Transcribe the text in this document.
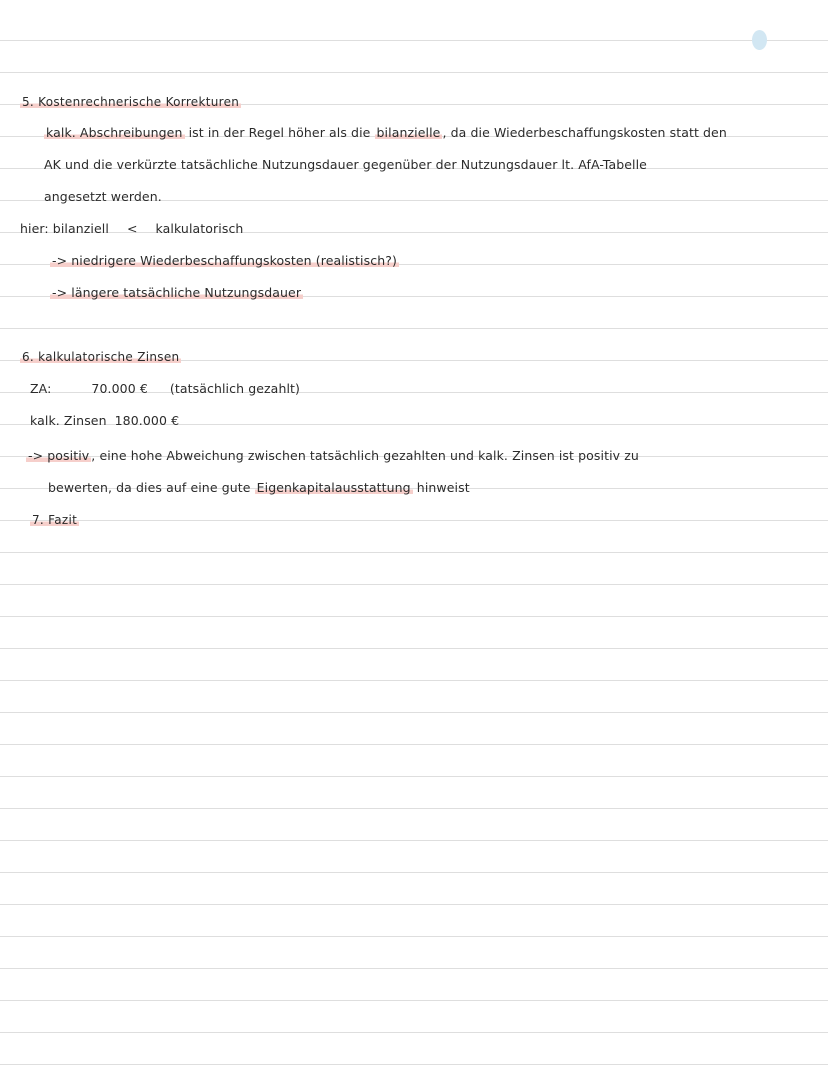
5. Kostenrechnerische Korrekturen
kalk. Abschreibungen ist in der Regel höher als die bilanzielle , da die Wiederbeschaffungskosten statt den
AK und die verkürzte tatsächliche Nutzungsdauer gegenüber der Nutzungsdauer lt. AfA-Tabelle
angesetzt werden.
hier: bilanziell < kalkulatorisch
-> niedrigere Wiederbeschaffungskosten (realistisch?)
-> längere tatsächliche Nutzungsdauer
6. kalkulatorische Zinsen
ZA:	70.000 € (tatsächlich gezahlt)
kalk. Zinsen 180.000 €
-> positiv , eine hohe Abweichung zwischen tatsächlich gezahlten und kalk. Zinsen ist positiv zu
bewerten, da dies auf eine gute Eigenkapitalausstattung hinweist
7. Fazit
